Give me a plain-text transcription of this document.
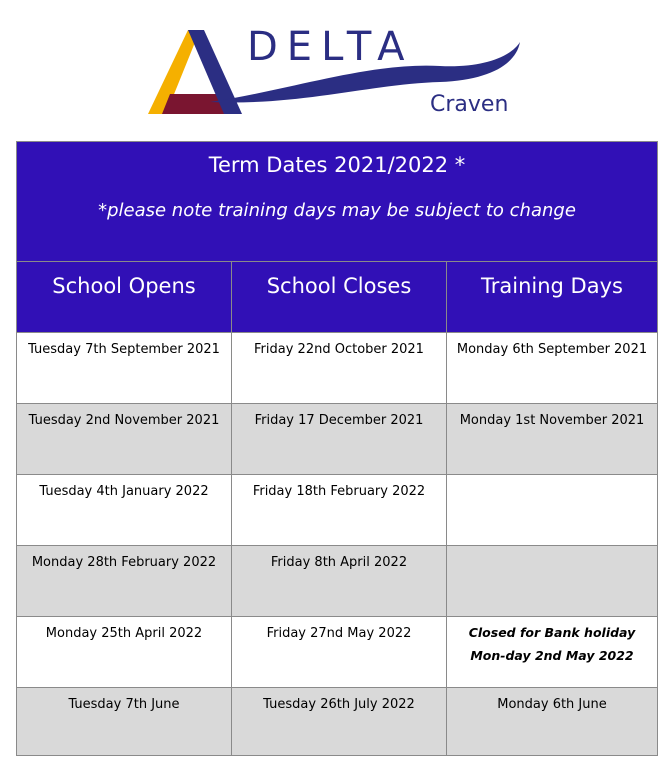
DELTA
Craven
Term Dates 2021/2022 *
*please note training days may be subject to change
School Opens	School Closes	Training Days
Tuesday 7th September 2021	Friday 22nd October 2021	Monday 6th September 2021
Tuesday 2nd November 2021	Friday 17 December 2021	Monday 1st November 2021
Tuesday 4th January 2022	Friday 18th February 2022
Monday 28th February 2022	Friday 8th April 2022
Monday 25th April 2022	Friday 27nd May 2022	Closed for Bank holiday Mon-day 2nd May 2022
Tuesday 7th June	Tuesday 26th July 2022	Monday 6th June
